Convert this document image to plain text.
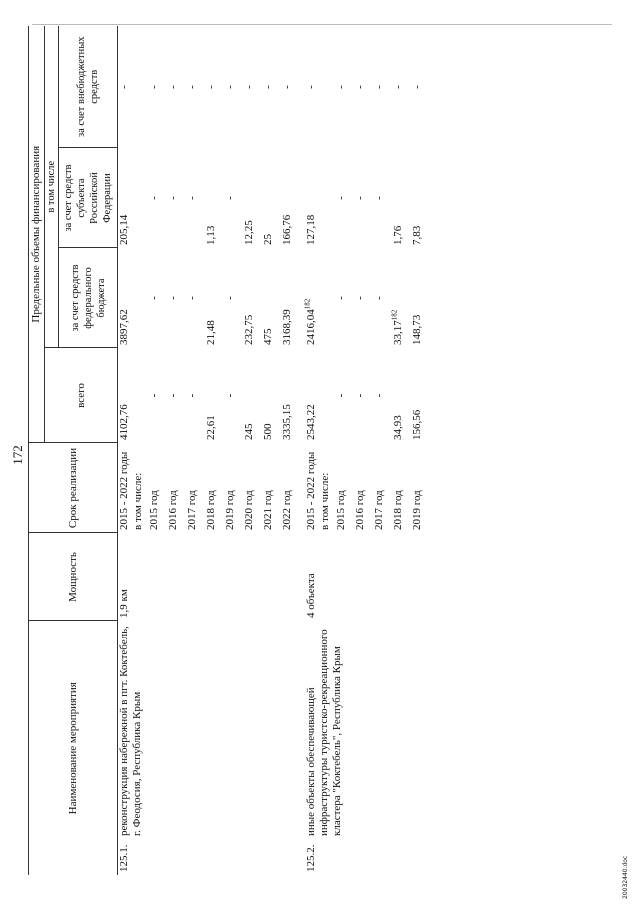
172
Наименование мероприятия		Мощность	Срок реализации	Предельные объемы финансирования			
				всего	в том числе		
					за счет средств федерального бюджета	за счет средств субъекта Российской Федерации	за счет внебюджетных средств
125.1.	реконструкция набережной в пгт. Коктебель, г. Феодосия, Республика Крым	1,9 км	2015 - 2022 годы	4102,76	3897,62	205,14	-
			в том числе:				
			2015 год	-	-	-	-
			2016 год	-	-	-	-
			2017 год	-	-	-	-
			2018 год	22,61	21,48	1,13	-
			2019 год	-	-	-	-
			2020 год	245	232,75	12,25	-
			2021 год	500	475	25	-
			2022 год	3335,15	3168,39	166,76	-

125.2.	иные объекты обеспечивающей инфраструктуры туристско-рекреационного кластера "Коктебель", Республика Крым	4 объекта	2015 - 2022 годы	2543,22	2416,04$^{182}$	127,18	-
			в том числе:				
			2015 год	-	-	-	-
			2016 год	-	-	-	-
			2017 год	-	-	-	-
			2018 год	34,93	33,17$^{182}$	1,76	-
			2019 год	156,56	148,73	7,83	-
20032440.doc
